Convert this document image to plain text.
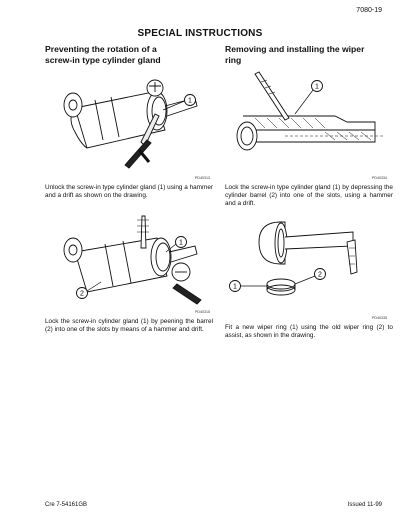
7080-19
SPECIAL INSTRUCTIONS
Preventing the rotation of a
screw-in type cylinder gland
Removing and installing the wiper
ring
1
PD40313
Unlock the screw-in type cylinder gland (1) using a hammer and a drift as shown on the drawing.
1
2
PD40315
Lock the screw-in cylinder gland (1) by peening the barrel (2) into one of the slots by means of a hammer and drift.
1
PD40334
Lock the screw-in type cylinder gland (1) by depressing the cylinder barrel (2) into one of the slots, using a hammer and a drift.
2
1
PD40335
Fit a new wiper ring (1) using the old wiper ring (2) to assist, as shown in the drawing.
Cre 7-54161GB	Issued 11-99
